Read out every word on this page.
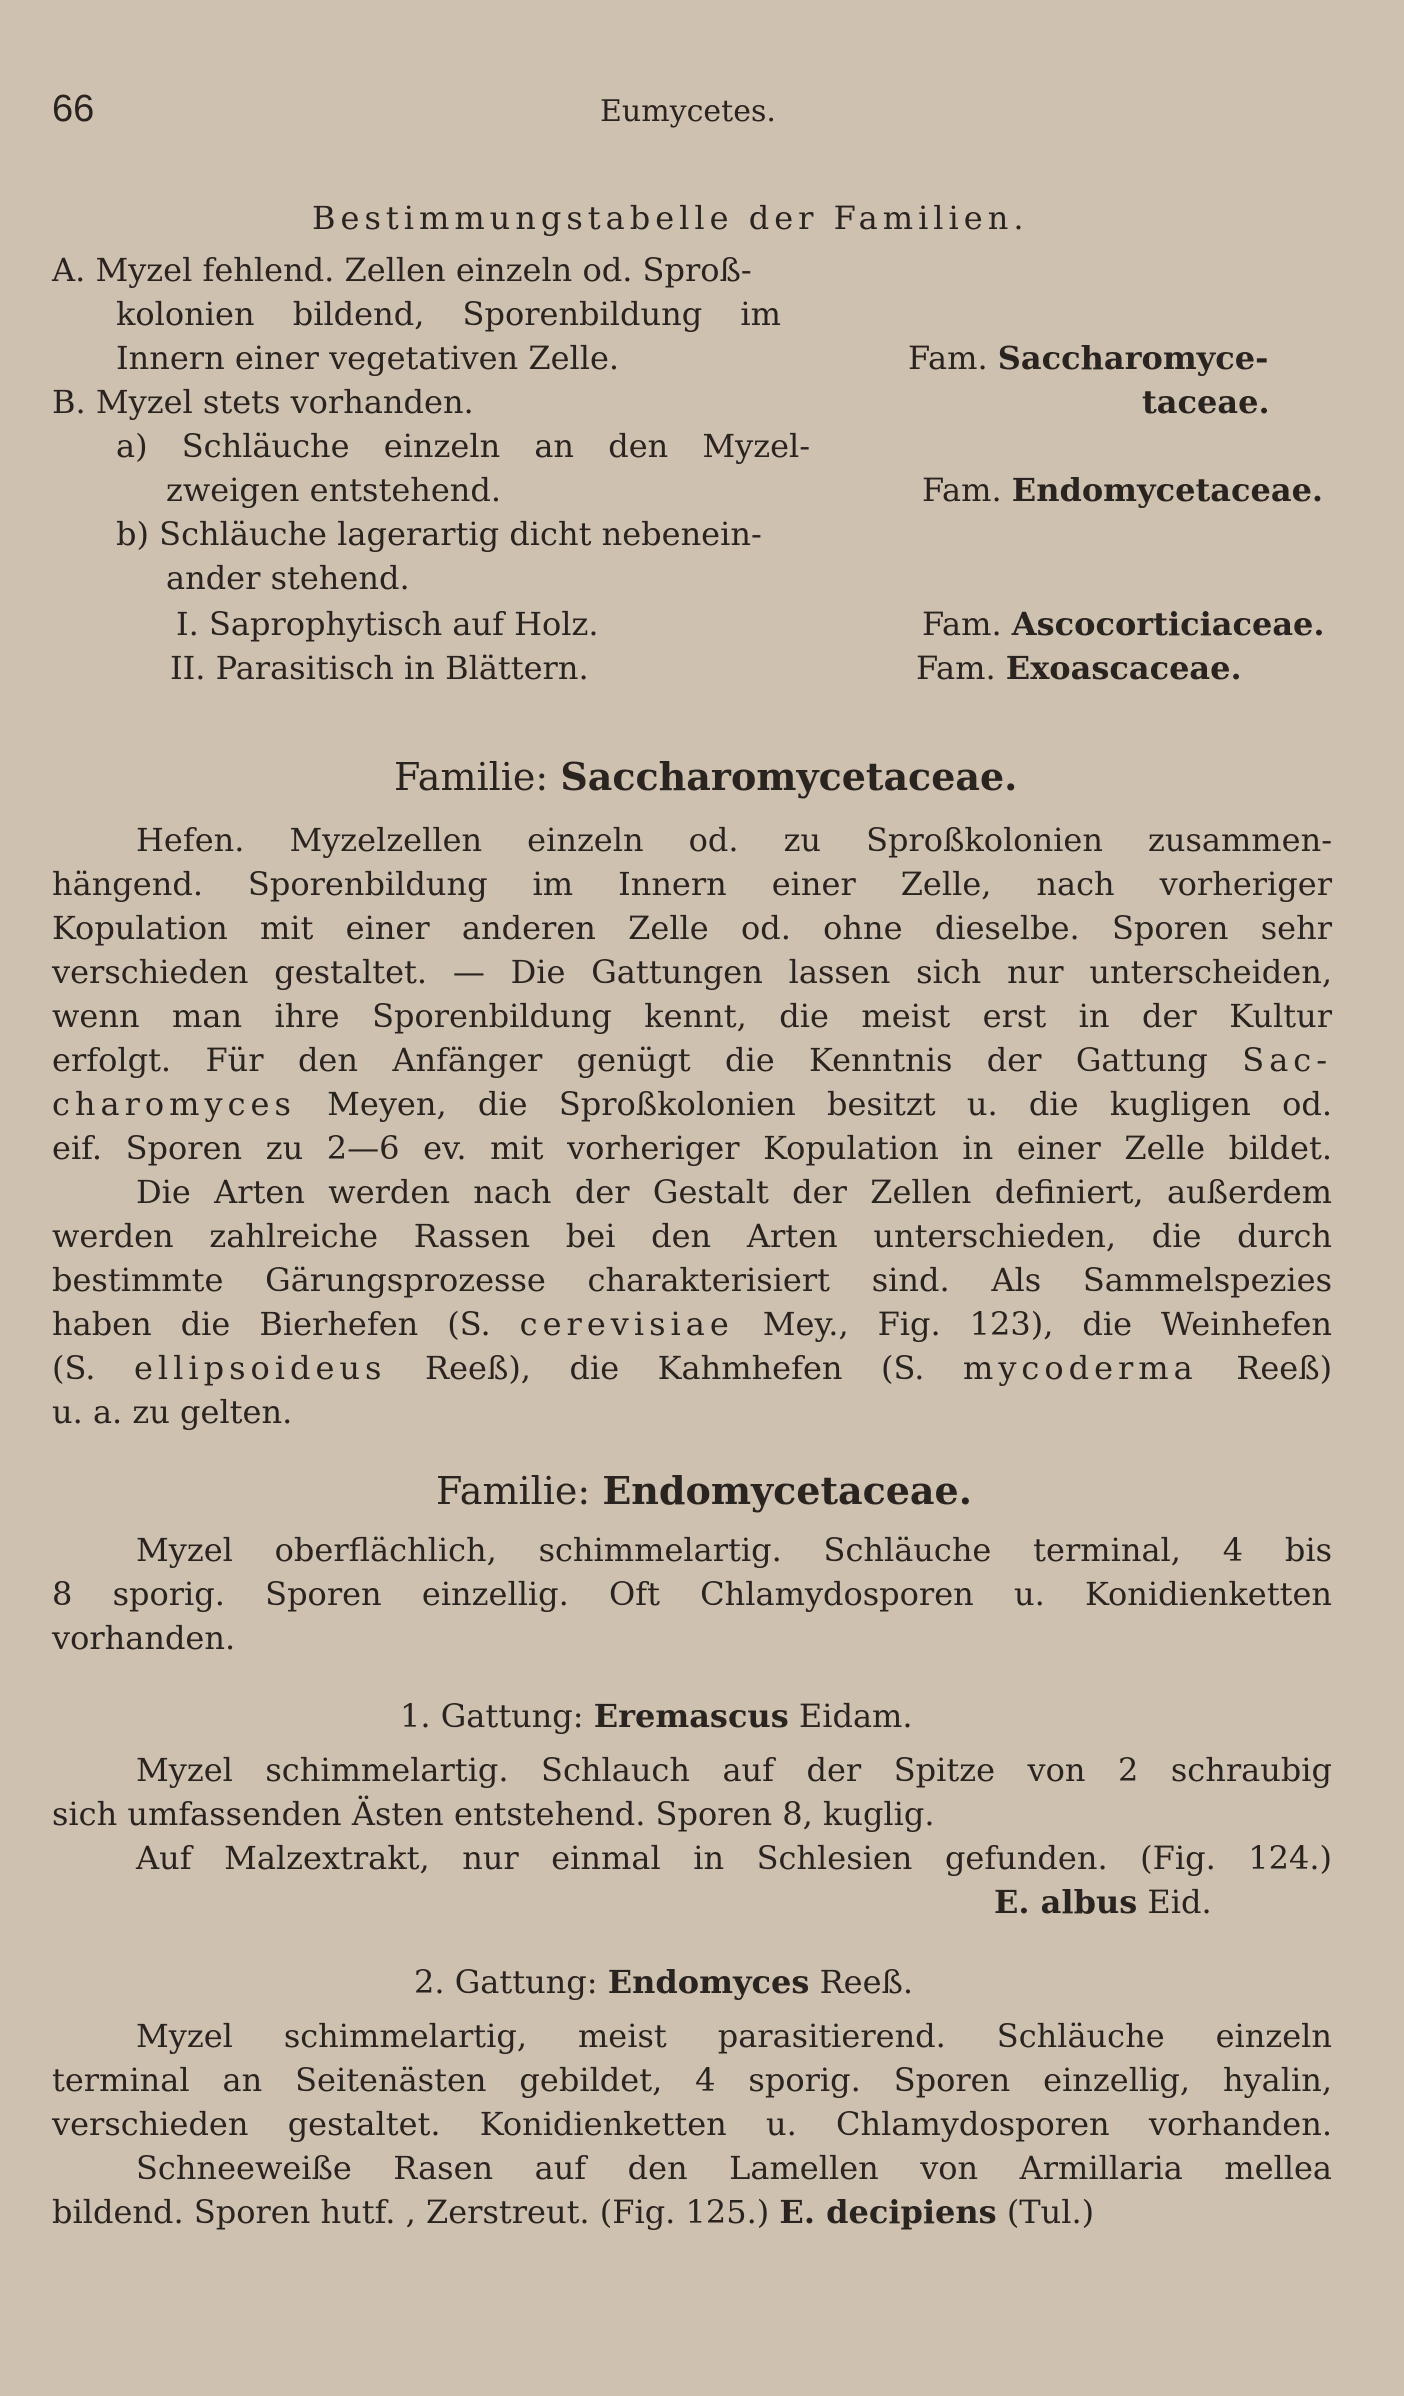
66	Eumycetes.
Bestimmungstabelle der Familien.
A. Myzel fehlend. Zellen einzeln od. Sproß-
kolonien bildend, Sporenbildung im
Innern einer vegetativen Zelle.	Fam. Saccharomyce-
B. Myzel stets vorhanden.	taceae.
a) Schläuche einzeln an den Myzel-
zweigen entstehend.	Fam. Endomycetaceae.
b) Schläuche lagerartig dicht nebenein-
ander stehend.
I. Saprophytisch auf Holz.	Fam. Ascocorticiaceae.
II. Parasitisch in Blättern.	Fam. Exoascaceae.
Familie: Saccharomycetaceae.
Hefen. Myzelzellen einzeln od. zu Sproßkolonien zusammen-
hängend. Sporenbildung im Innern einer Zelle, nach vorheriger
Kopulation mit einer anderen Zelle od. ohne dieselbe. Sporen sehr
verschieden gestaltet. — Die Gattungen lassen sich nur unterscheiden,
wenn man ihre Sporenbildung kennt, die meist erst in der Kultur
erfolgt. Für den Anfänger genügt die Kenntnis der Gattung Sac-
charomyces Meyen, die Sproßkolonien besitzt u. die kugligen od.
eif. Sporen zu 2—6 ev. mit vorheriger Kopulation in einer Zelle bildet.
Die Arten werden nach der Gestalt der Zellen definiert, außerdem
werden zahlreiche Rassen bei den Arten unterschieden, die durch
bestimmte Gärungsprozesse charakterisiert sind. Als Sammelspezies
haben die Bierhefen (S. cerevisiae Mey., Fig. 123), die Weinhefen
(S. ellipsoideus Reeß), die Kahmhefen (S. mycoderma Reeß)
u. a. zu gelten.
Familie: Endomycetaceae.
Myzel oberflächlich, schimmelartig. Schläuche terminal, 4 bis
8 sporig. Sporen einzellig. Oft Chlamydosporen u. Konidienketten
vorhanden.
1. Gattung: Eremascus Eidam.
Myzel schimmelartig. Schlauch auf der Spitze von 2 schraubig
sich umfassenden Ästen entstehend. Sporen 8, kuglig.
Auf Malzextrakt, nur einmal in Schlesien gefunden. (Fig. 124.)
E. albus Eid.
2. Gattung: Endomyces Reeß.
Myzel schimmelartig, meist parasitierend. Schläuche einzeln
terminal an Seitenästen gebildet, 4 sporig. Sporen einzellig, hyalin,
verschieden gestaltet. Konidienketten u. Chlamydosporen vorhanden.
Schneeweiße Rasen auf den Lamellen von Armillaria mellea
bildend. Sporen hutf. , Zerstreut. (Fig. 125.) E. decipiens (Tul.)
